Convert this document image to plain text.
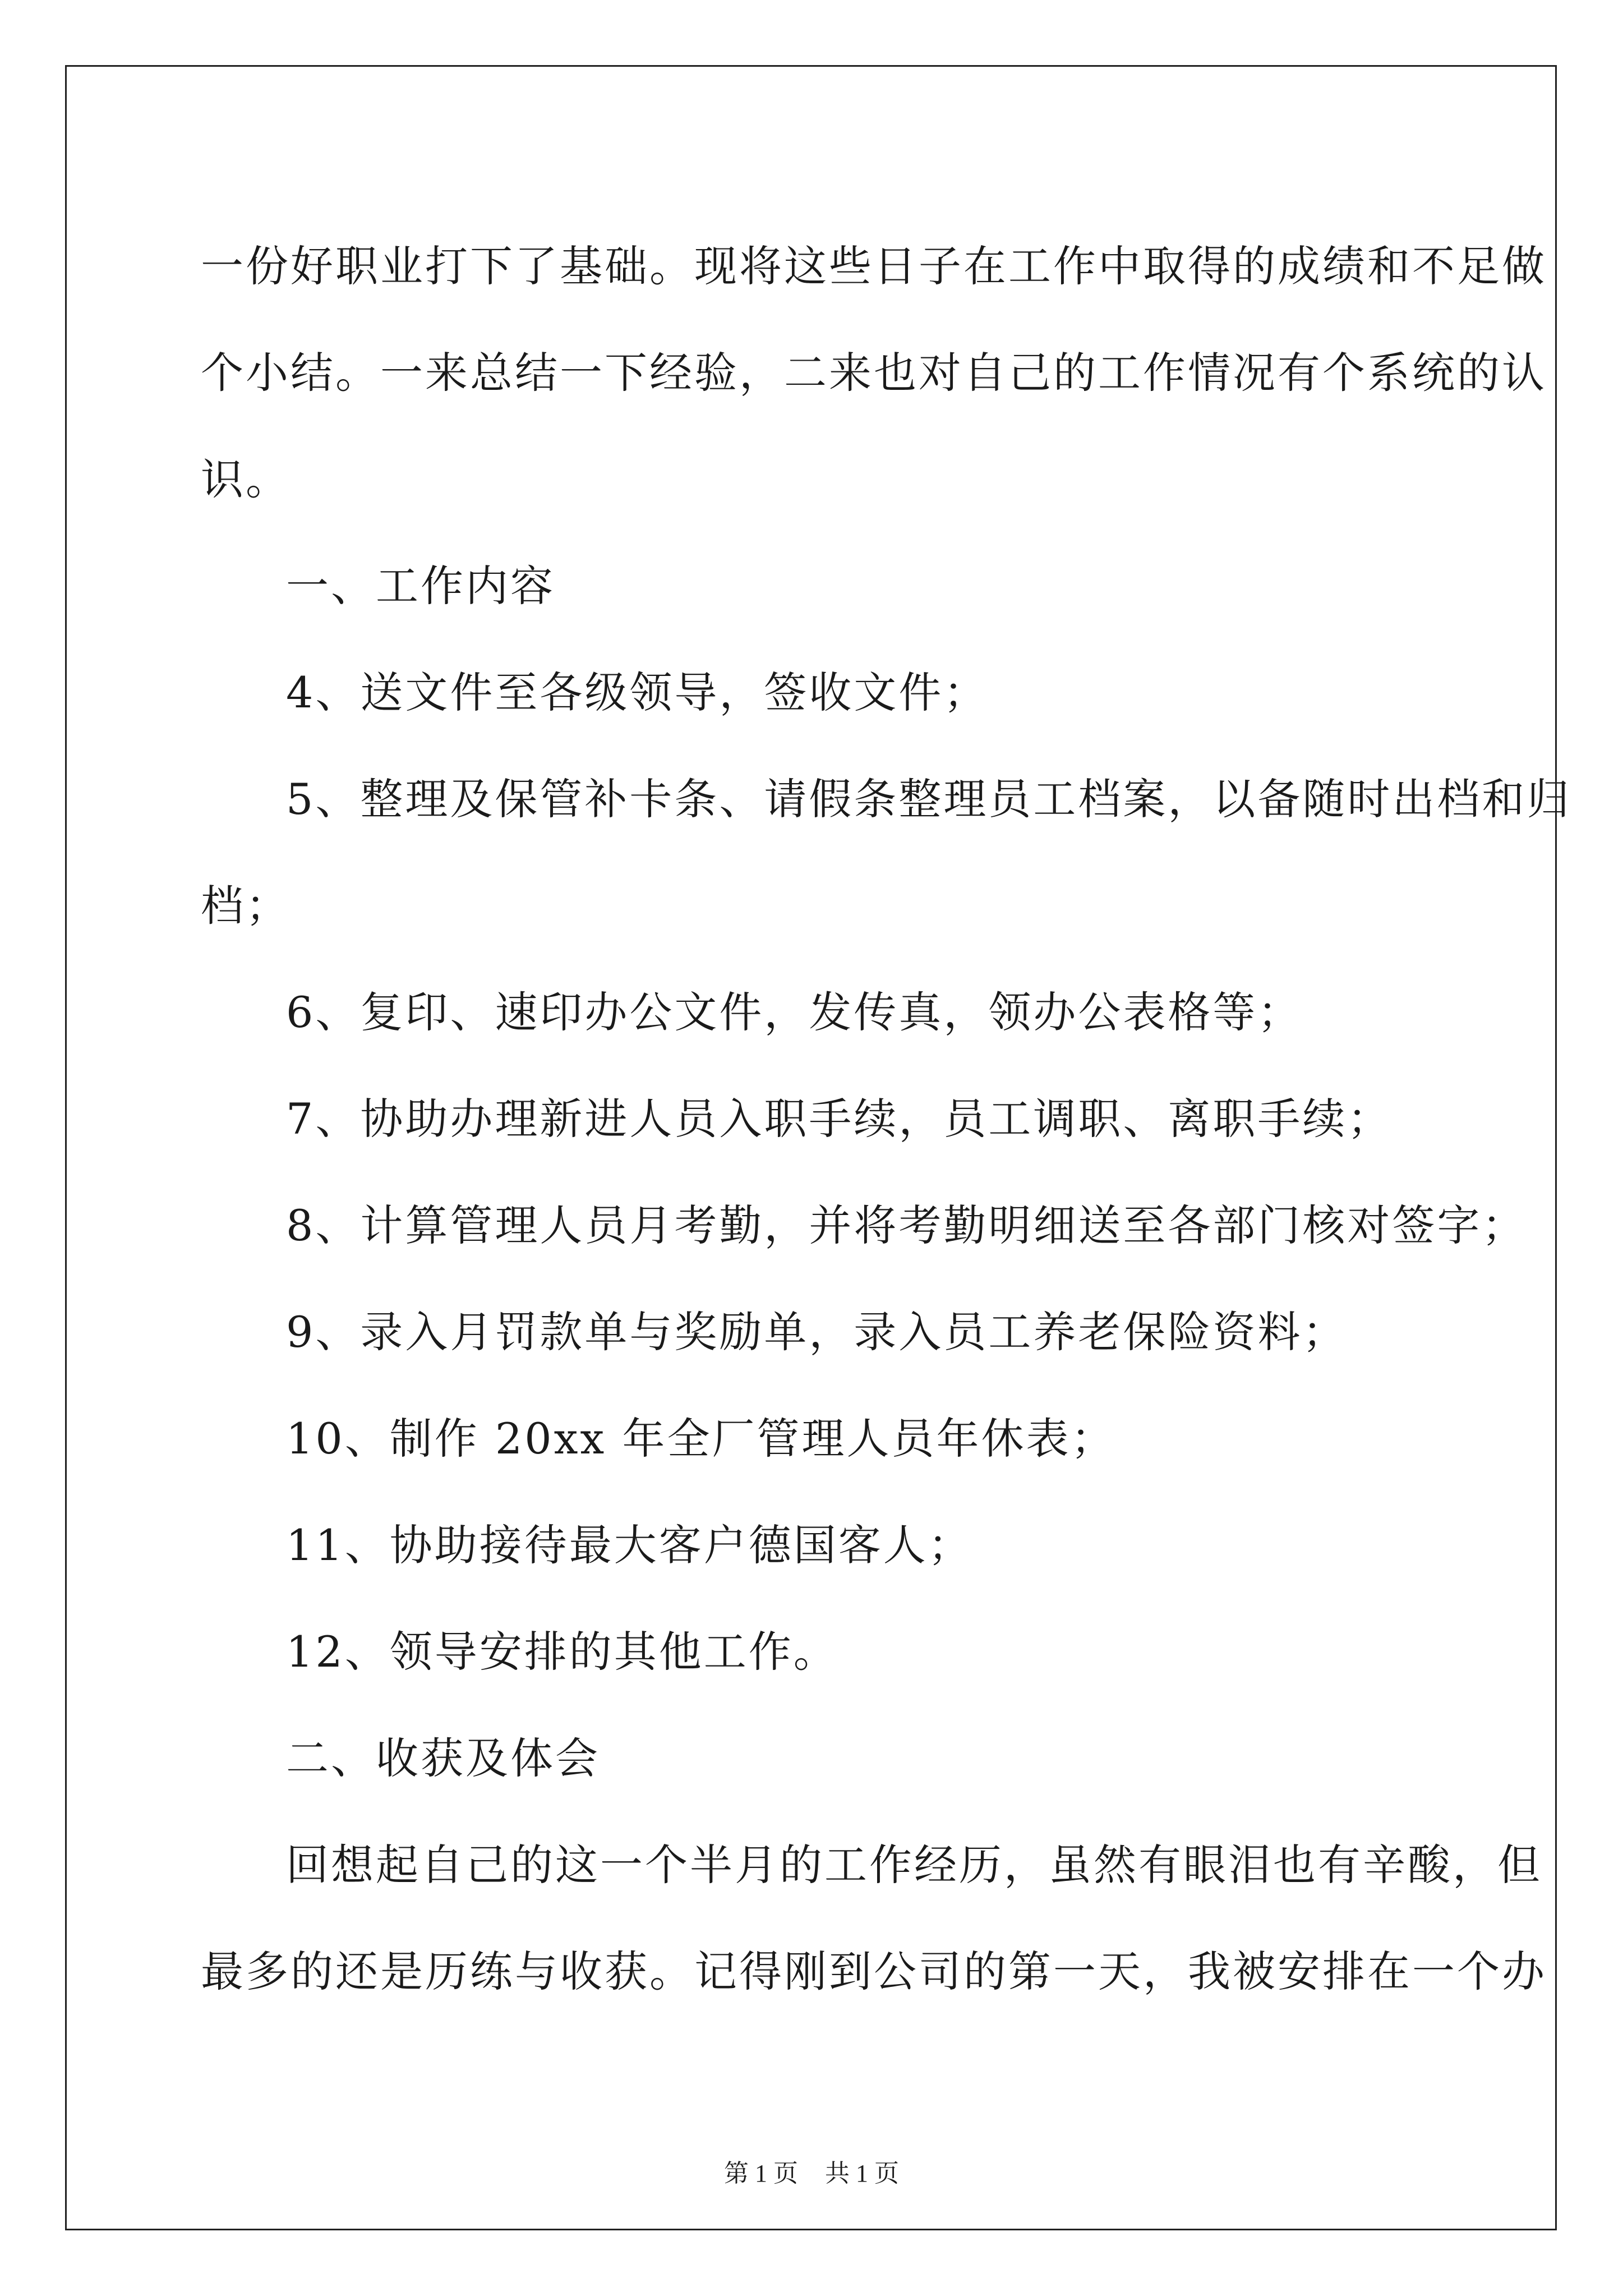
一份好职业打下了基础。现将这些日子在工作中取得的成绩和不足做

个小结。一来总结一下经验，二来也对自己的工作情况有个系统的认

识。

一、工作内容

4、送文件至各级领导，签收文件；

5、整理及保管补卡条、请假条整理员工档案，以备随时出档和归

档；

6、复印、速印办公文件，发传真，领办公表格等；

7、协助办理新进人员入职手续，员工调职、离职手续；

8、计算管理人员月考勤，并将考勤明细送至各部门核对签字；

9、录入月罚款单与奖励单，录入员工养老保险资料；

10、制作 20xx 年全厂管理人员年休表；

11、协助接待最大客户德国客人；

12、领导安排的其他工作。

二、收获及体会

回想起自己的这一个半月的工作经历，虽然有眼泪也有辛酸，但

最多的还是历练与收获。记得刚到公司的第一天，我被安排在一个办

第 1 页 共 1 页
